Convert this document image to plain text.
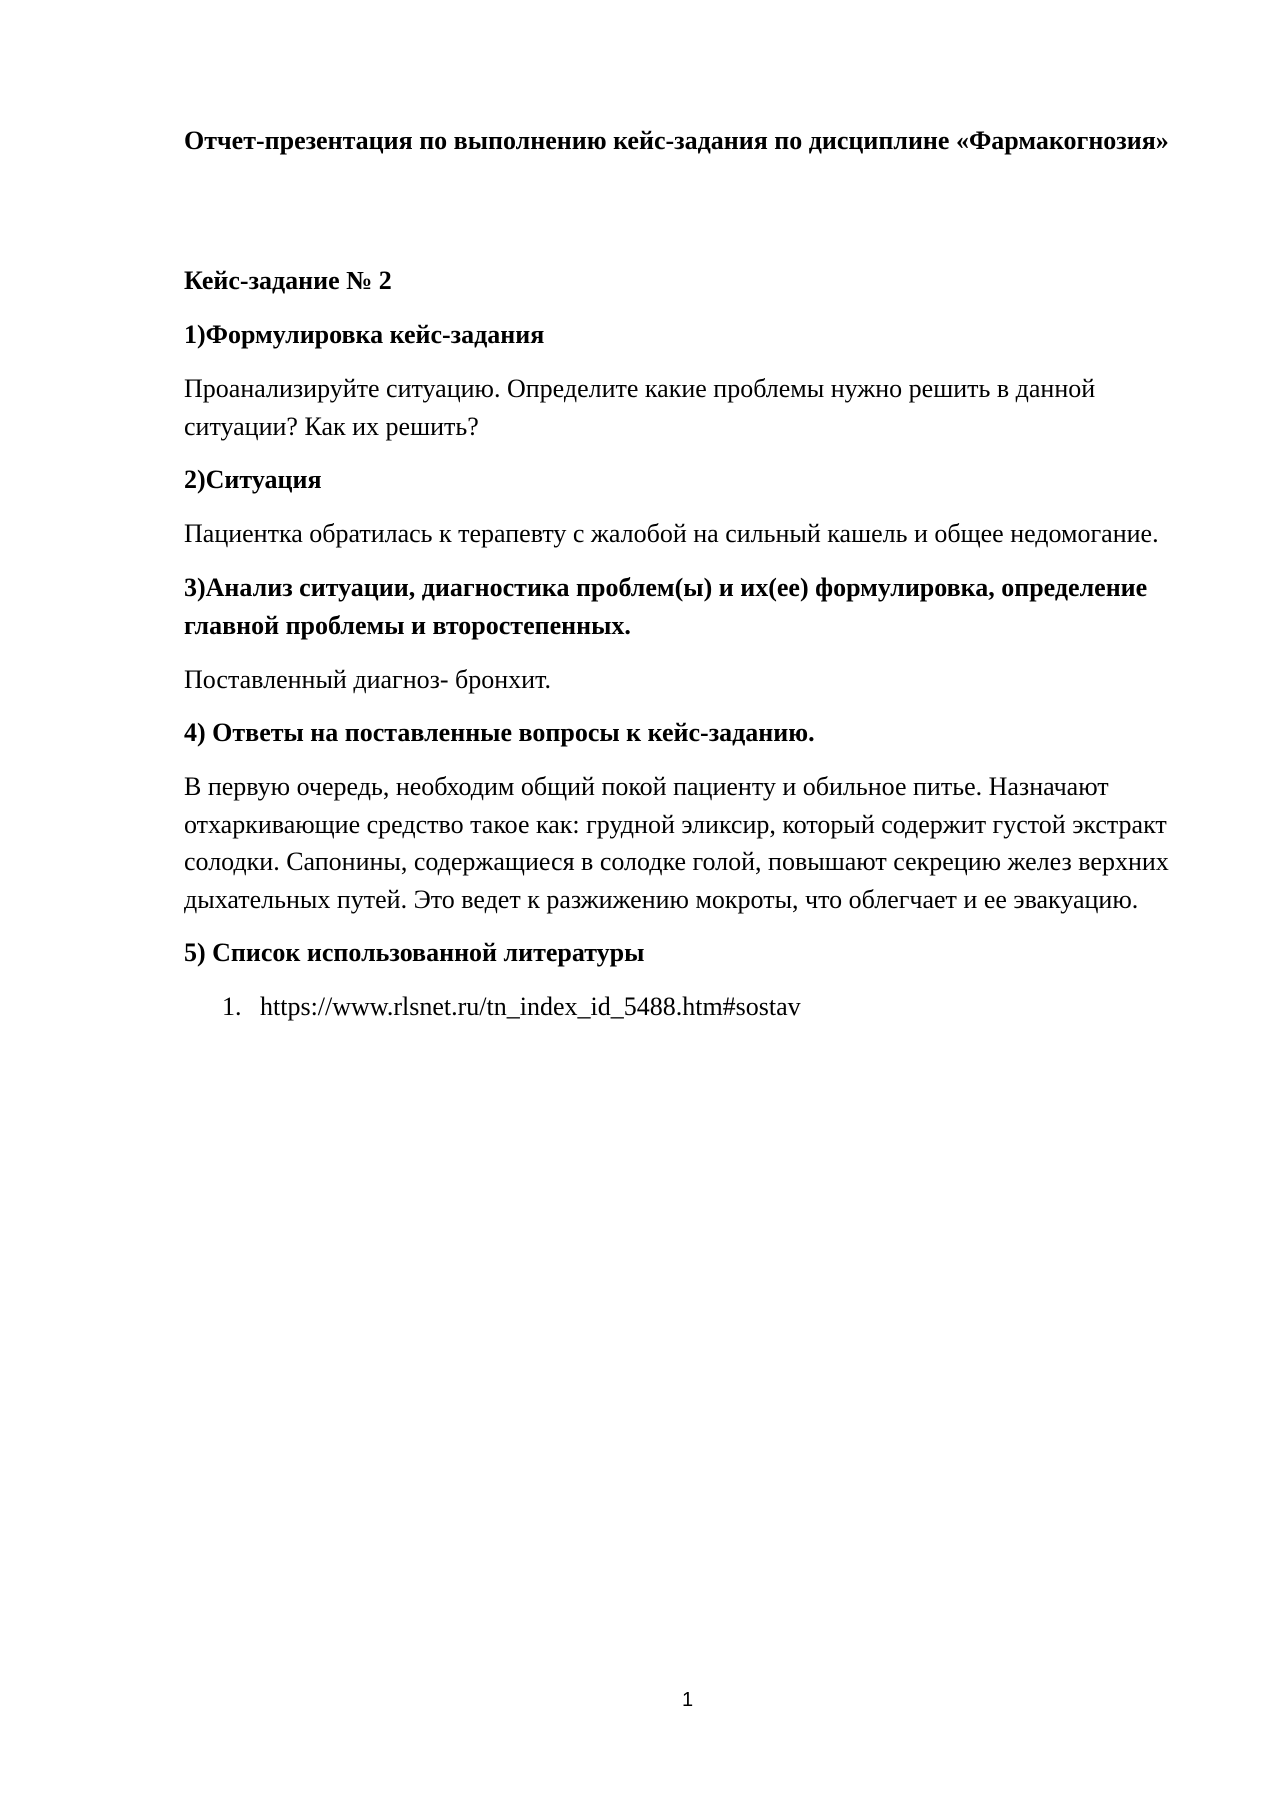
Отчет-презентация по выполнению кейс-задания по дисциплине «Фармакогнозия»

Кейс-задание № 2

1)Формулировка кейс-задания

Проанализируйте ситуацию. Определите какие проблемы нужно решить в данной ситуации? Как их решить?

2)Ситуация

Пациентка обратилась к терапевту с жалобой на сильный кашель и общее недомогание.

3)Анализ ситуации, диагностика проблем(ы) и их(ее) формулировка, определение главной проблемы и второстепенных.

Поставленный диагноз- бронхит.

4) Ответы на поставленные вопросы к кейс-заданию.

В первую очередь, необходим общий покой пациенту и обильное питье. Назначают отхаркивающие средство такое как: грудной эликсир, который содержит густой экстракт солодки. Сапонины, содержащиеся в солодке голой, повышают секрецию желез верхних дыхательных путей. Это ведет к разжижению мокроты, что облегчает и ее эвакуацию.

5) Список использованной литературы

1. https://www.rlsnet.ru/tn_index_id_5488.htm#sostav
1
